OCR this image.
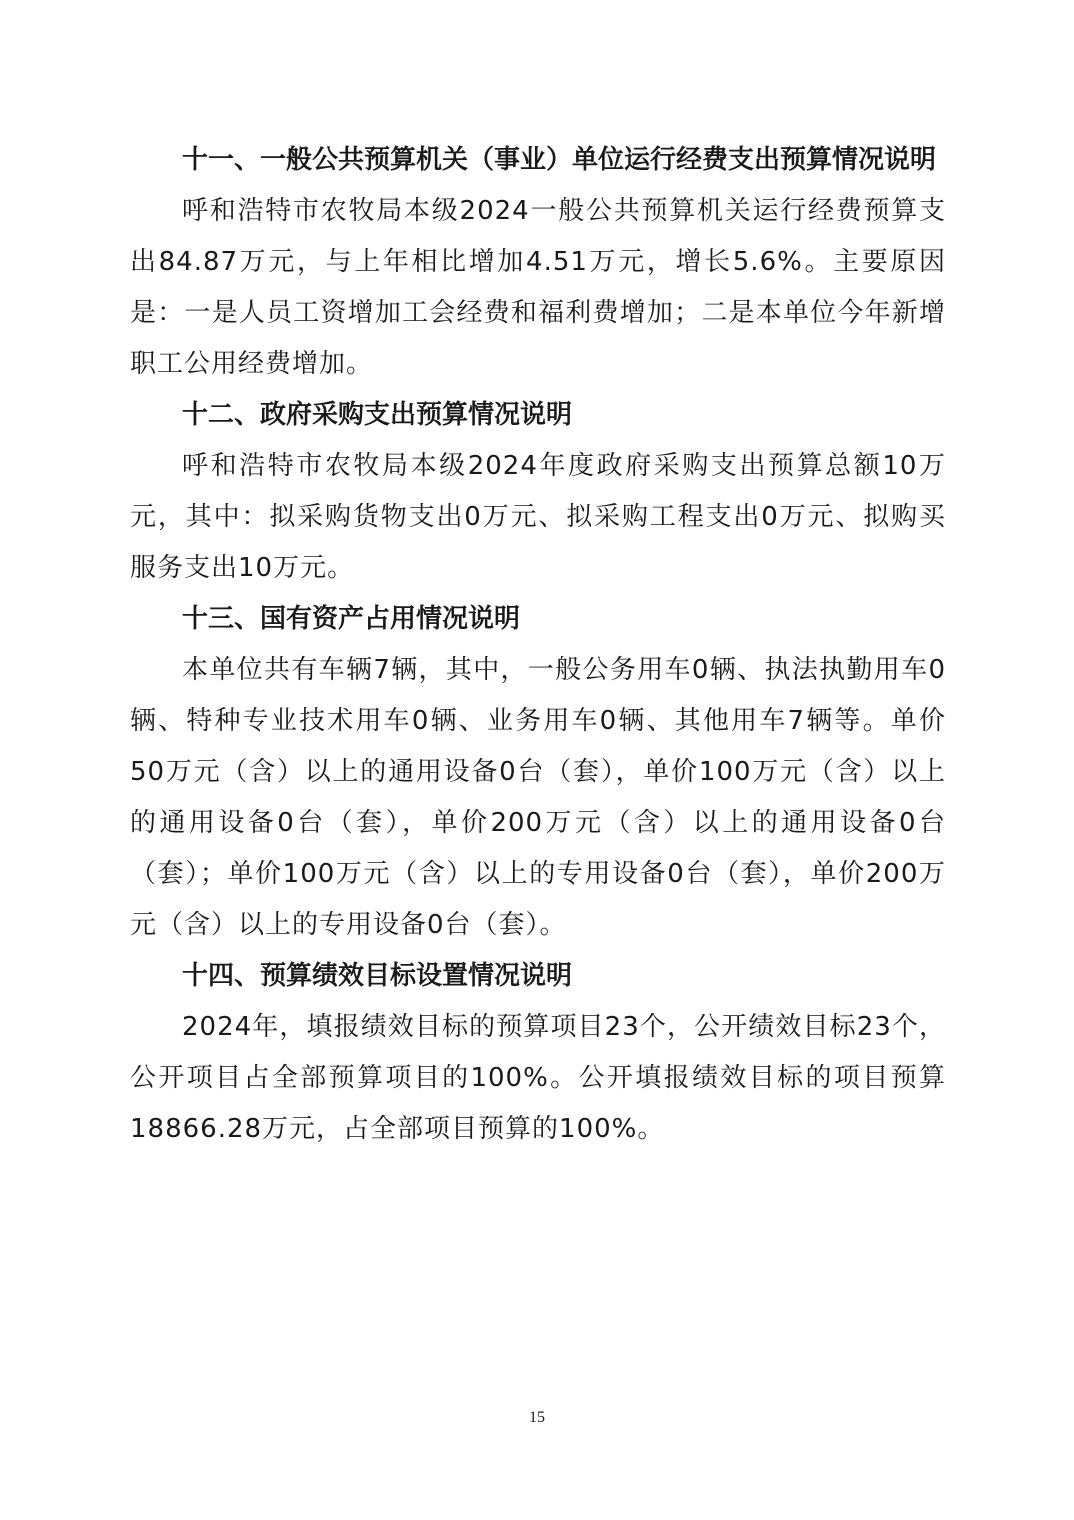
十一、一般公共预算机关（事业）单位运行经费支出预算情况说明

呼和浩特市农牧局本级2024一般公共预算机关运行经费预算支出84.87万元，与上年相比增加4.51万元，增长5.6%。主要原因是：一是人员工资增加工会经费和福利费增加；二是本单位今年新增职工公用经费增加。

十二、政府采购支出预算情况说明

呼和浩特市农牧局本级2024年度政府采购支出预算总额10万元，其中：拟采购货物支出0万元、拟采购工程支出0万元、拟购买服务支出10万元。

十三、国有资产占用情况说明

本单位共有车辆7辆，其中，一般公务用车0辆、执法执勤用车0辆、特种专业技术用车0辆、业务用车0辆、其他用车7辆等。单价50万元（含）以上的通用设备0台（套），单价100万元（含）以上的通用设备0台（套），单价200万元（含）以上的通用设备0台（套）；单价100万元（含）以上的专用设备0台（套），单价200万元（含）以上的专用设备0台（套）。

十四、预算绩效目标设置情况说明

2024年，填报绩效目标的预算项目23个，公开绩效目标23个，公开项目占全部预算项目的100%。公开填报绩效目标的项目预算18866.28万元，占全部项目预算的100%。

15
